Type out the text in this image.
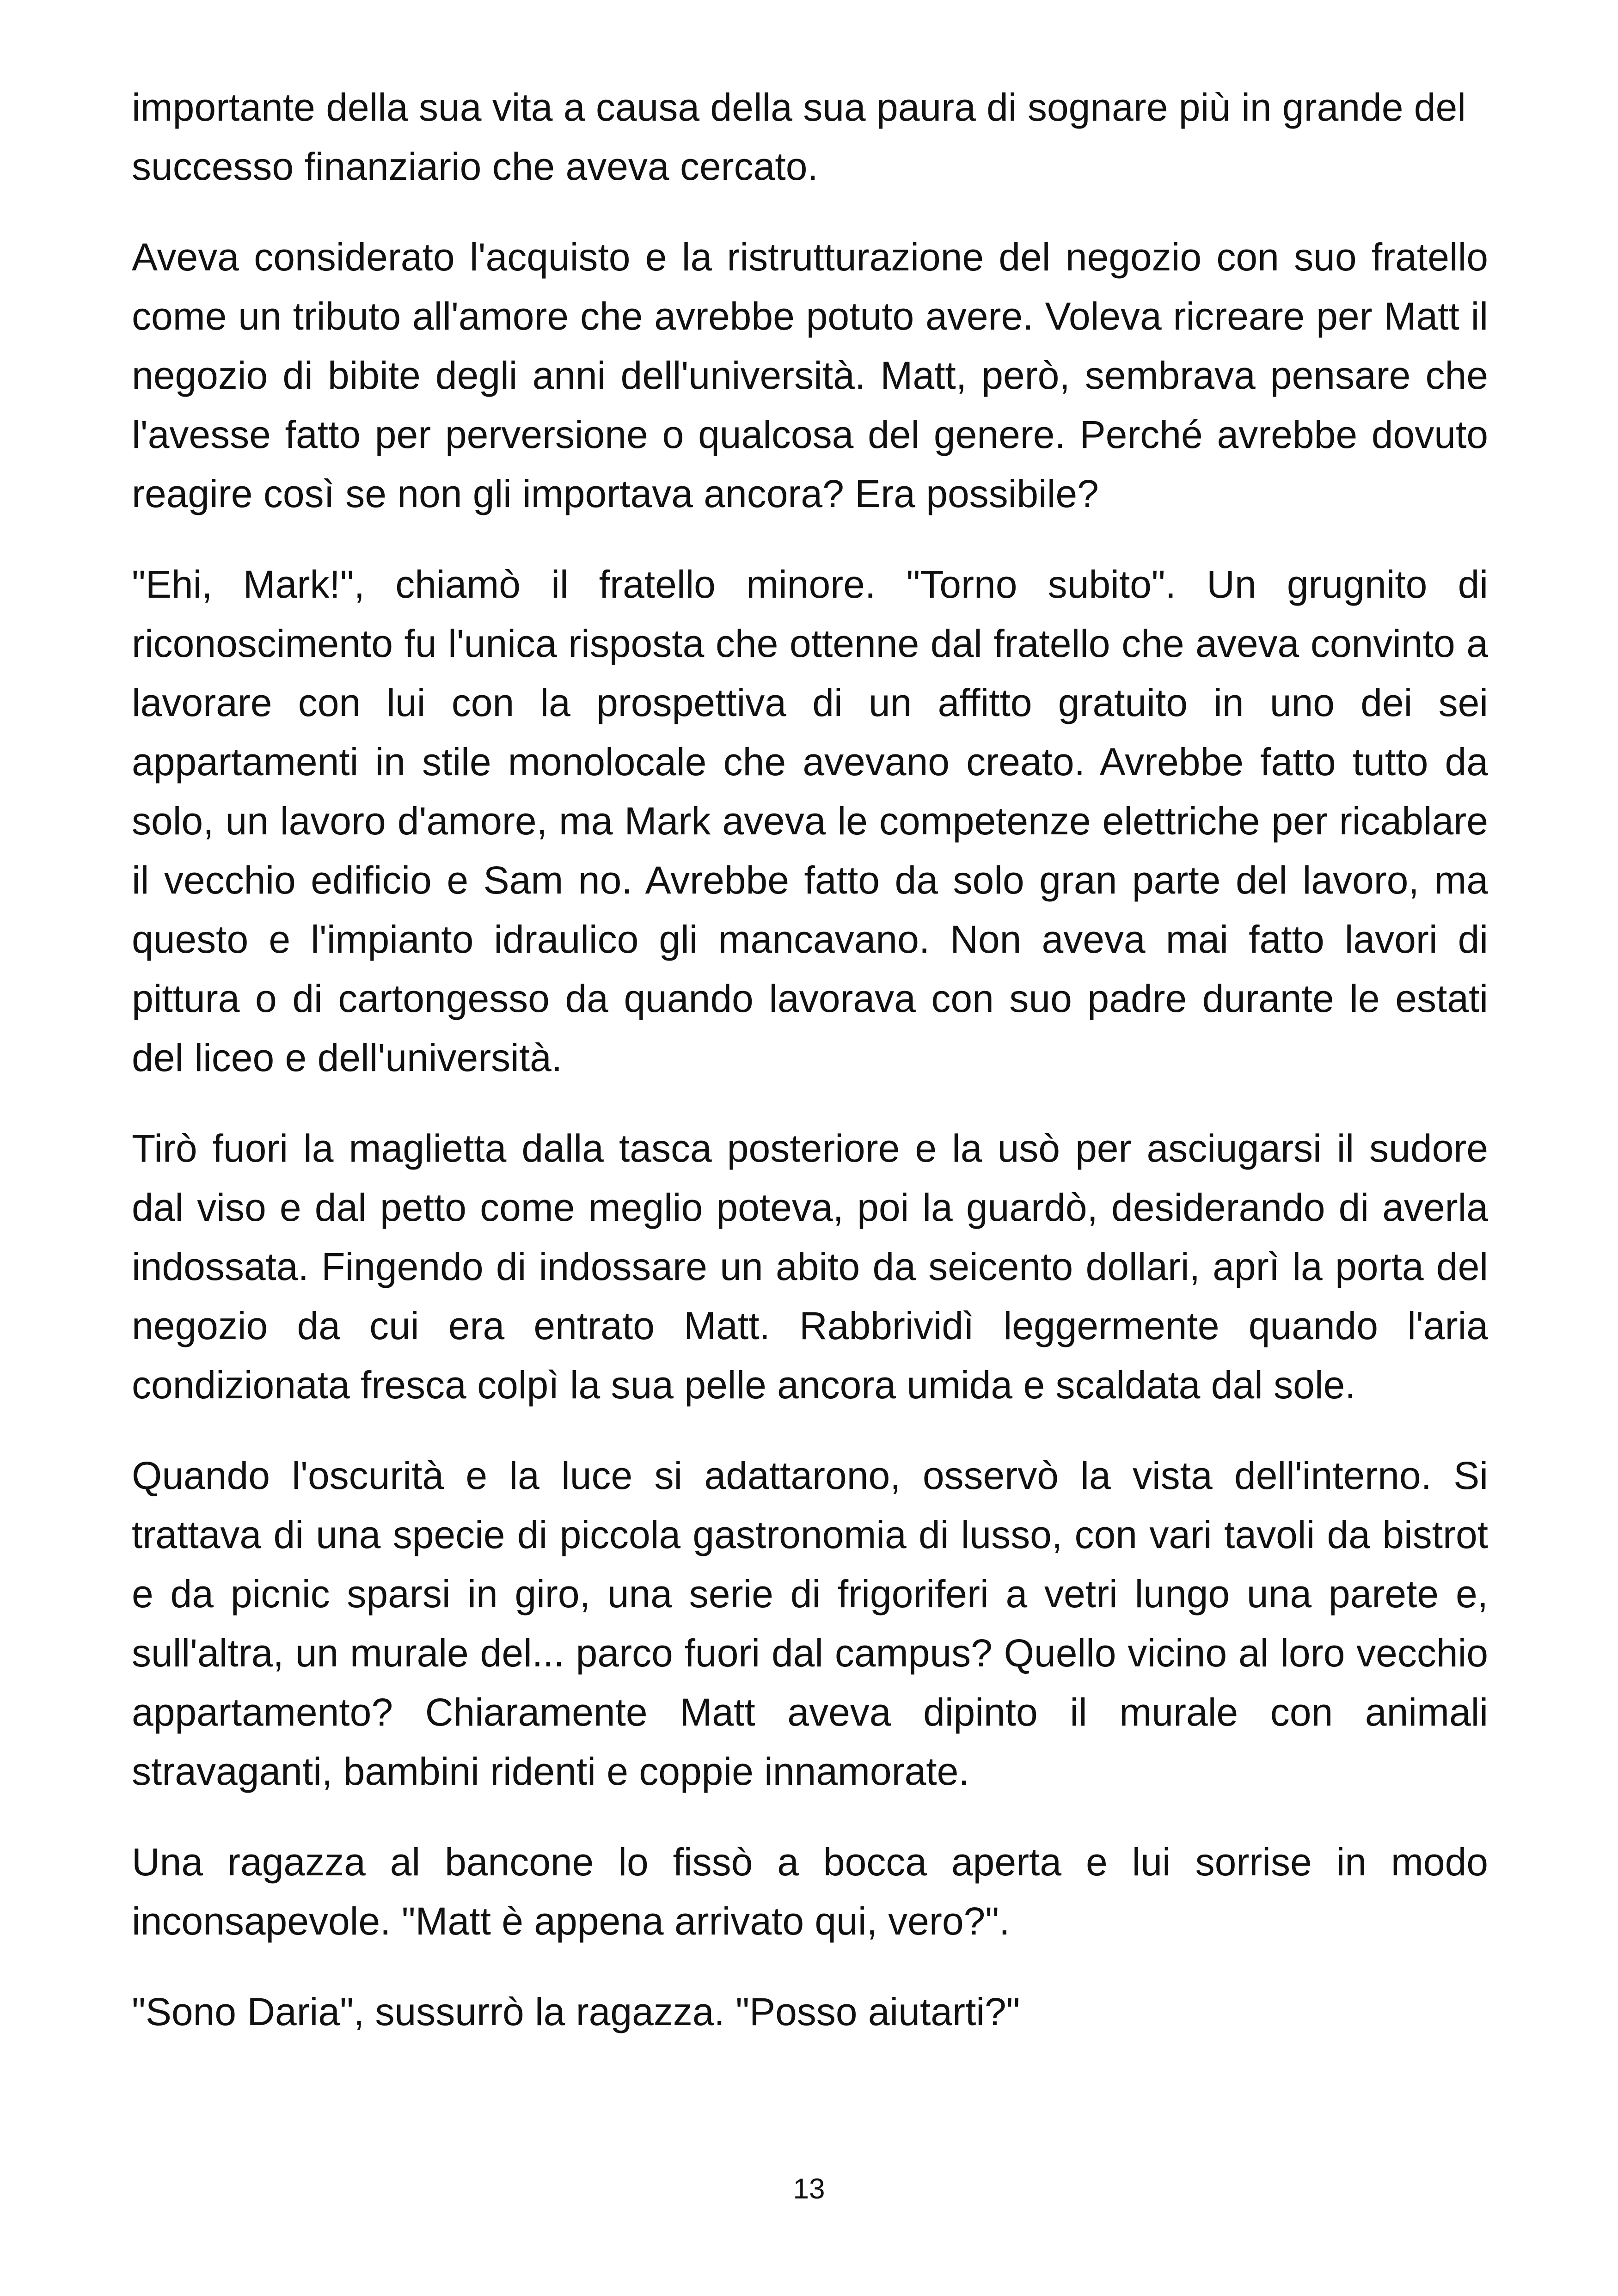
importante della sua vita a causa della sua paura di sognare più in grande del successo finanziario che aveva cercato.

Aveva considerato l'acquisto e la ristrutturazione del negozio con suo fratello come un tributo all'amore che avrebbe potuto avere. Voleva ricreare per Matt il negozio di bibite degli anni dell'università. Matt, però, sembrava pensare che l'avesse fatto per perversione o qualcosa del genere. Perché avrebbe dovuto reagire così se non gli importava ancora? Era possibile?

"Ehi, Mark!", chiamò il fratello minore. "Torno subito". Un grugnito di riconoscimento fu l'unica risposta che ottenne dal fratello che aveva convinto a lavorare con lui con la prospettiva di un affitto gratuito in uno dei sei appartamenti in stile monolocale che avevano creato. Avrebbe fatto tutto da solo, un lavoro d'amore, ma Mark aveva le competenze elettriche per ricablare il vecchio edificio e Sam no. Avrebbe fatto da solo gran parte del lavoro, ma questo e l'impianto idraulico gli mancavano. Non aveva mai fatto lavori di pittura o di cartongesso da quando lavorava con suo padre durante le estati del liceo e dell'università.

Tirò fuori la maglietta dalla tasca posteriore e la usò per asciugarsi il sudore dal viso e dal petto come meglio poteva, poi la guardò, desiderando di averla indossata. Fingendo di indossare un abito da seicento dollari, aprì la porta del negozio da cui era entrato Matt. Rabbrividì leggermente quando l'aria condizionata fresca colpì la sua pelle ancora umida e scaldata dal sole.

Quando l'oscurità e la luce si adattarono, osservò la vista dell'interno. Si trattava di una specie di piccola gastronomia di lusso, con vari tavoli da bistrot e da picnic sparsi in giro, una serie di frigoriferi a vetri lungo una parete e, sull'altra, un murale del... parco fuori dal campus? Quello vicino al loro vecchio appartamento? Chiaramente Matt aveva dipinto il murale con animali stravaganti, bambini ridenti e coppie innamorate.

Una ragazza al bancone lo fissò a bocca aperta e lui sorrise in modo inconsapevole. "Matt è appena arrivato qui, vero?".

"Sono Daria", sussurrò la ragazza. "Posso aiutarti?"

13
